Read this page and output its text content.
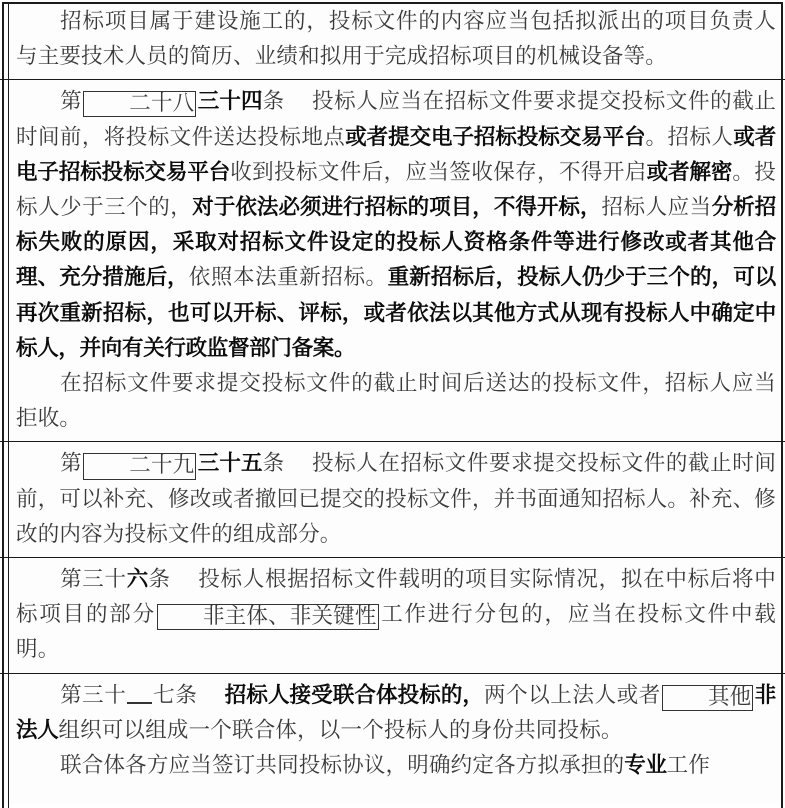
招标项目属于建设施工的，投标文件的内容应当包括拟派出的项目负责人与主要技术人员的简历、业绩和拟用于完成招标项目的机械设备等。

第 二十八 三十四条 投标人应当在招标文件要求提交投标文件的截止时间前，将投标文件送达投标地点或者提交电子招标投标交易平台。招标人或者电子招标投标交易平台收到投标文件后，应当签收保存，不得开启或者解密。投标人少于三个的，对于依法必须进行招标的项目，不得开标，招标人应当分析招标失败的原因，采取对招标文件设定的投标人资格条件等进行修改或者其他合理、充分措施后，依照本法重新招标。重新招标后，投标人仍少于三个的，可以再次重新招标，也可以开标、评标，或者依法以其他方式从现有投标人中确定中标人，并向有关行政监督部门备案。

在招标文件要求提交投标文件的截止时间后送达的投标文件，招标人应当拒收。

第 二十九 三十五条 投标人在招标文件要求提交投标文件的截止时间前，可以补充、修改或者撤回已提交的投标文件，并书面通知招标人。补充、修改的内容为投标文件的组成部分。

第三十六条 投标人根据招标文件载明的项目实际情况，拟在中标后将中标项目的部分 非主体、非关键性 工作进行分包的，应当在投标文件中载明。

第三十 七条 招标人接受联合体投标的，两个以上法人或者 其他 非法人组织可以组成一个联合体，以一个投标人的身份共同投标。

联合体各方应当签订共同投标协议，明确约定各方拟承担的专业工作
